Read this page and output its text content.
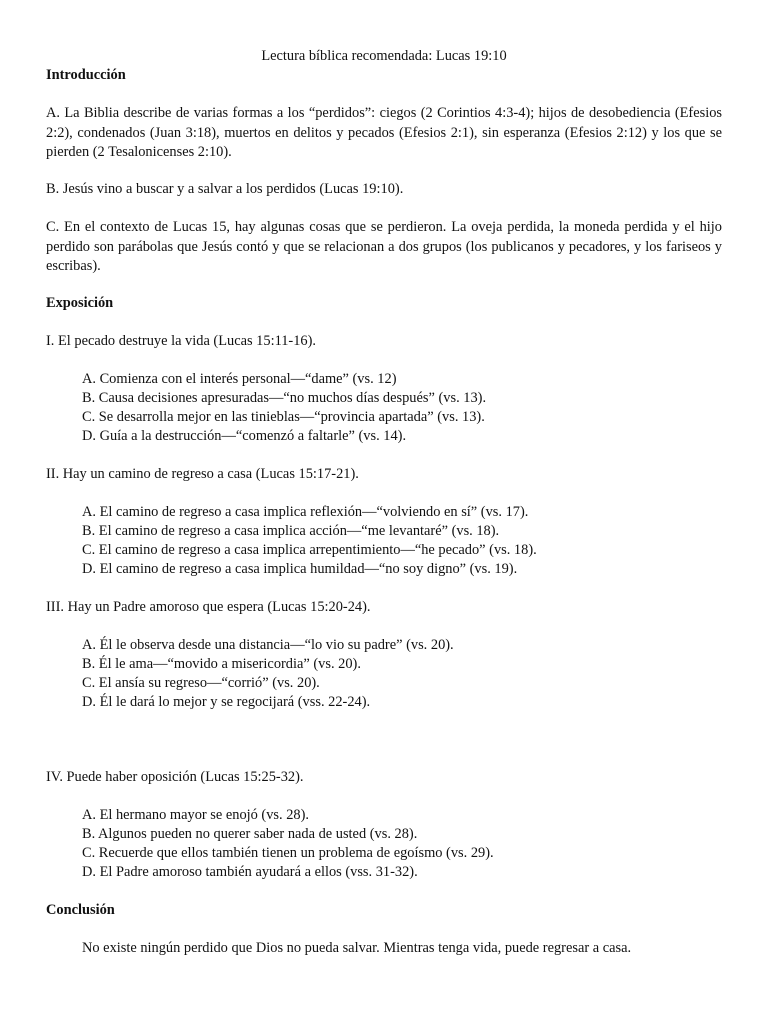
Lectura bíblica recomendada: Lucas 19:10
Introducción
A. La Biblia describe de varias formas a los “perdidos”: ciegos (2 Corintios 4:3-4); hijos de desobediencia (Efesios 2:2), condenados (Juan 3:18), muertos en delitos y pecados (Efesios 2:1), sin esperanza (Efesios 2:12) y los que se pierden (2 Tesalonicenses 2:10).
B. Jesús vino a buscar y a salvar a los perdidos (Lucas 19:10).
C. En el contexto de Lucas 15, hay algunas cosas que se perdieron. La oveja perdida, la moneda perdida y el hijo perdido son parábolas que Jesús contó y que se relacionan a dos grupos (los publicanos y pecadores, y los fariseos y escribas).
Exposición
I. El pecado destruye la vida (Lucas 15:11-16).
A. Comienza con el interés personal—“dame” (vs. 12)
B. Causa decisiones apresuradas—“no muchos días después” (vs. 13).
C. Se desarrolla mejor en las tinieblas—“provincia apartada” (vs. 13).
D. Guía a la destrucción—“comenzó a faltarle” (vs. 14).
II. Hay un camino de regreso a casa (Lucas 15:17-21).
A. El camino de regreso a casa implica reflexión—“volviendo en sí” (vs. 17).
B. El camino de regreso a casa implica acción—“me levantaré” (vs. 18).
C. El camino de regreso a casa implica arrepentimiento—“he pecado” (vs. 18).
D. El camino de regreso a casa implica humildad—“no soy digno” (vs. 19).
III. Hay un Padre amoroso que espera (Lucas 15:20-24).
A. Él le observa desde una distancia—“lo vio su padre” (vs. 20).
B. Él le ama—“movido a misericordia” (vs. 20).
C. El ansía su regreso—“corrió” (vs. 20).
D. Él le dará lo mejor y se regocijará (vss. 22-24).
IV. Puede haber oposición (Lucas 15:25-32).
A. El hermano mayor se enojó (vs. 28).
B. Algunos pueden no querer saber nada de usted (vs. 28).
C. Recuerde que ellos también tienen un problema de egoísmo (vs. 29).
D. El Padre amoroso también ayudará a ellos (vss. 31-32).
Conclusión
No existe ningún perdido que Dios no pueda salvar. Mientras tenga vida, puede regresar a casa.
